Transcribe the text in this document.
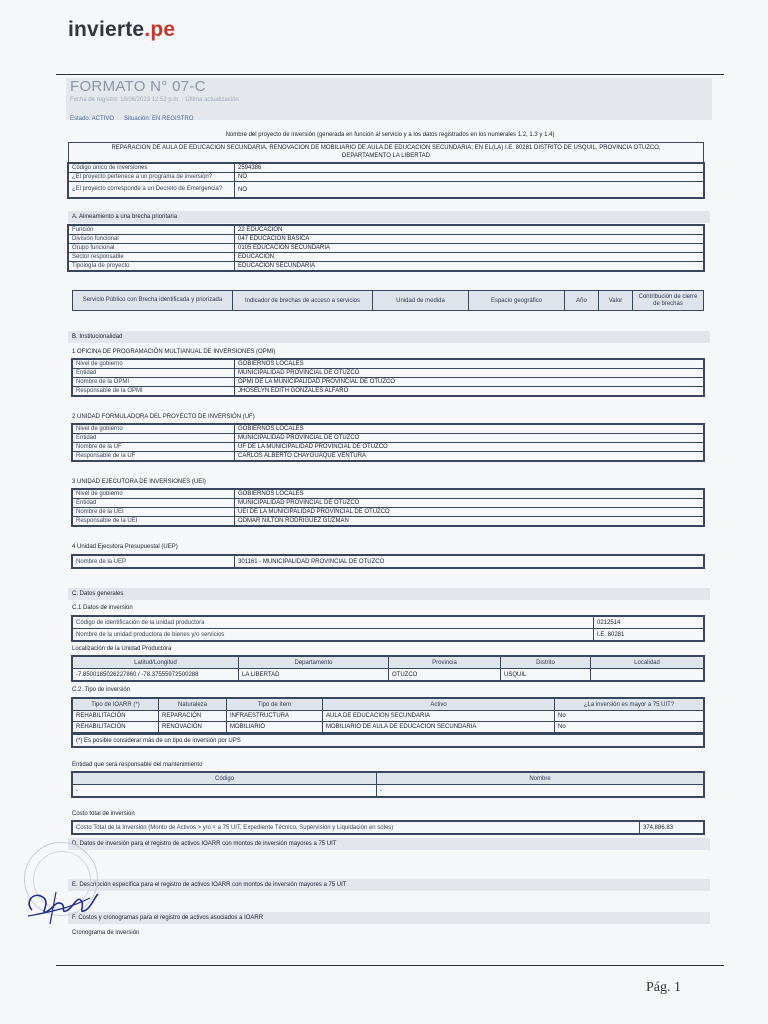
invierte.pe
FORMATO N° 07-C
Fecha de registro: 16/06/2023 12:52 p.m. · Última actualización
Estado: ACTIVO Situación: EN REGISTRO
Nombre del proyecto de inversión (generada en función al servicio y a los datos registrados en los numerales 1.2, 1.3 y 1.4)
REPARACION DE AULA DE EDUCACION SECUNDARIA, RENOVACION DE MOBILIARIO DE AULA DE EDUCACION SECUNDARIA; EN EL(LA) I.E. 80281 DISTRITO DE USQUIL, PROVINCIA OTUZCO, DEPARTAMENTO LA LIBERTAD
Código único de inversiones	2594386
¿El proyecto pertenece a un programa de inversión?	NO
¿El proyecto corresponde a un Decreto de Emergencia?	NO
A. Alineamiento a una brecha prioritaria
Función	22 EDUCACIÓN
División funcional	047 EDUCACIÓN BÁSICA
Grupo funcional	0105 EDUCACIÓN SECUNDARIA
Sector responsable	EDUCACION
Tipología de proyecto	EDUCACIÓN SECUNDARIA
Servicio Público con Brecha identificada y priorizada	Indicador de brechas de acceso a servicios	Unidad de medida	Espacio geográfico	Año	Valor	Contribución de cierre de brechas
B. Institucionalidad
1 OFICINA DE PROGRAMACIÓN MULTIANUAL DE INVERSIONES (OPMI)
Nivel de gobierno	GOBIERNOS LOCALES
Entidad	MUNICIPALIDAD PROVINCIAL DE OTUZCO
Nombre de la OPMI	OPMI DE LA MUNICIPALIDAD PROVINCIAL DE OTUZCO
Responsable de la OPMI	JHOSELYN EDITH GONZALES ALFARO
2 UNIDAD FORMULADORA DEL PROYECTO DE INVERSIÓN (UF)
Nivel de gobierno	GOBIERNOS LOCALES
Entidad	MUNICIPALIDAD PROVINCIAL DE OTUZCO
Nombre de la UF	UF DE LA MUNICIPALIDAD PROVINCIAL DE OTUZCO
Responsable de la UF	CARLOS ALBERTO CHAYGUAQUE VENTURA
3 UNIDAD EJECUTORA DE INVERSIONES (UEI)
Nivel de gobierno	GOBIERNOS LOCALES
Entidad	MUNICIPALIDAD PROVINCIAL DE OTUZCO
Nombre de la UEI	UEI DE LA MUNICIPALIDAD PROVINCIAL DE OTUZCO
Responsable de la UEI	ODMAR NILTON RODRIGUEZ GUZMAN
4 Unidad Ejecutora Presupuestal (UEP)
Nombre de la UEP	301161 - MUNICIPALIDAD PROVINCIAL DE OTUZCO
C. Datos generales
C.1 Datos de inversión
Código de identificación de la unidad productora	0212514
Nombre de la unidad productora de bienes y/o servicios	I.E. 80281
Localización de la Unidad Productora
Latitud/Longitud	Departamento	Provincia	Distrito	Localidad
-7.8500185026227860 / -78.37555972500288	LA LIBERTAD	OTUZCO	USQUIL	
C.2. Tipo de inversión
Tipo de IOARR (*)	Naturaleza	Tipo de ítem	Activo	¿La inversión es mayor a 75 UIT?
REHABILITACIÓN	REPARACIÓN	INFRAESTRUCTURA	AULA DE EDUCACION SECUNDARIA	No
REHABILITACIÓN	RENOVACIÓN	MOBILIARIO	MOBILIARIO DE AULA DE EDUCACION SECUNDARIA	No
(*) Es posible considerar más de un tipo de inversión por UPS
Entidad que será responsable del mantenimiento
Código	Nombre
-	-
Costo total de inversión
Costo Total de la Inversión (Monto de Activos > y/o < a 75 UIT, Expediente Técnico, Supervisión y Liquidación en soles)	374,886.83
D. Datos de inversión para el registro de activos IOARR con montos de inversión mayores a 75 UIT
E. Descripción específica para el registro de activos IOARR con montos de inversión mayores a 75 UIT
F. Costos y cronogramas para el registro de activos asociados a IOARR
Cronograma de inversión
Pág. 1
